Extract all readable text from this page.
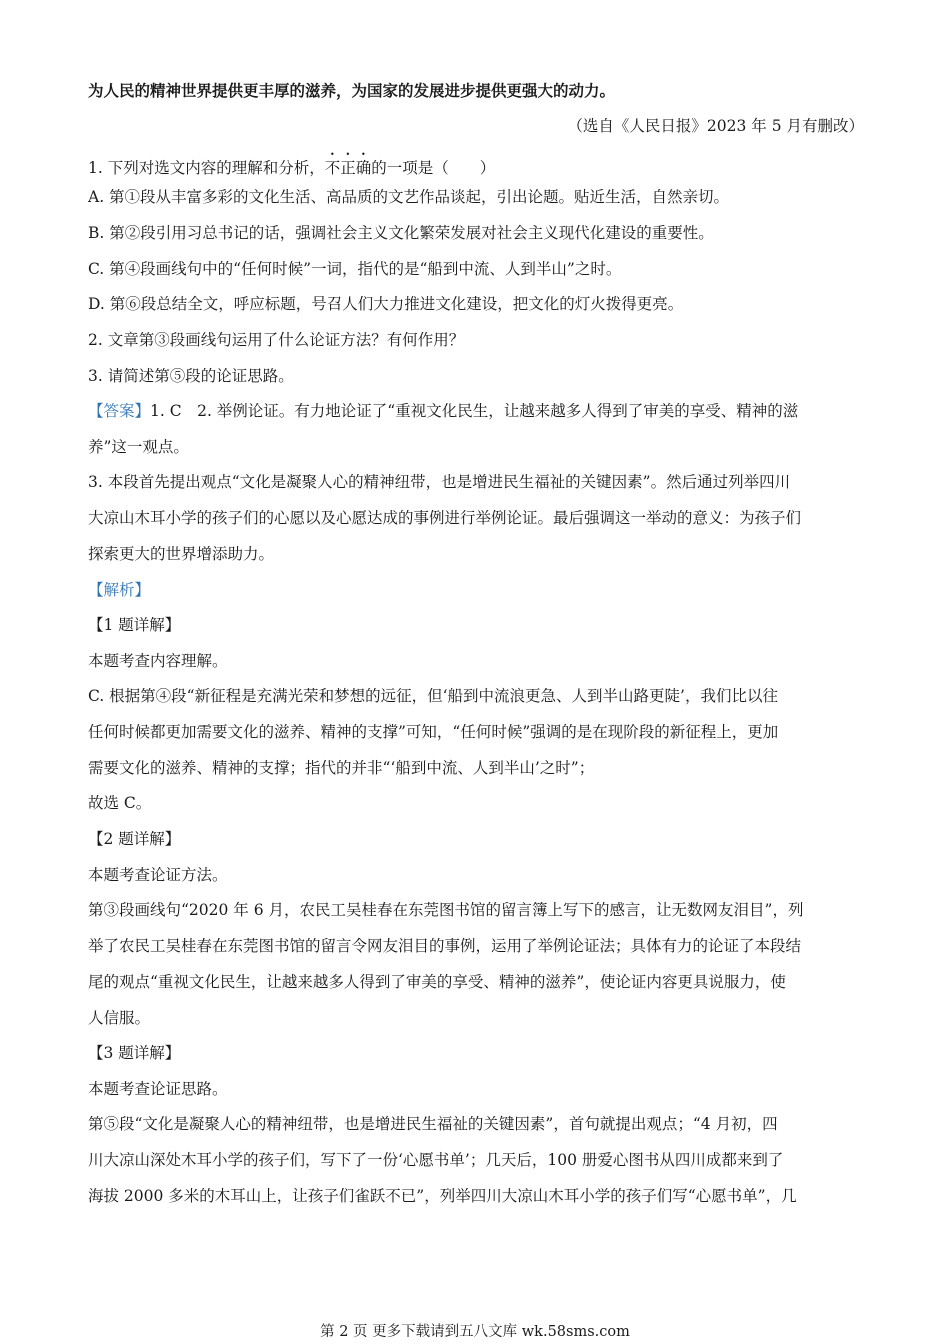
为人民的精神世界提供更丰厚的滋养，为国家的发展进步提供更强大的动力。
（选自《人民日报》2023 年 5 月有删改）
1. 下列对选文内容的理解和分析，不正确的一项是（　　）
A. 第①段从丰富多彩的文化生活、高品质的文艺作品谈起，引出论题。贴近生活，自然亲切。
B. 第②段引用习总书记的话，强调社会主义文化繁荣发展对社会主义现代化建设的重要性。
C. 第④段画线句中的“任何时候”一词，指代的是“船到中流、人到半山”之时。
D. 第⑥段总结全文，呼应标题，号召人们大力推进文化建设，把文化的灯火拨得更亮。
2. 文章第③段画线句运用了什么论证方法？有何作用？
3. 请简述第⑤段的论证思路。
【答案】1. C　2. 举例论证。有力地论证了“重视文化民生，让越来越多人得到了审美的享受、精神的滋
养”这一观点。
3. 本段首先提出观点“文化是凝聚人心的精神纽带，也是增进民生福祉的关键因素”。然后通过列举四川
大凉山木耳小学的孩子们的心愿以及心愿达成的事例进行举例论证。最后强调这一举动的意义：为孩子们
探索更大的世界增添助力。
【解析】
【1 题详解】
本题考查内容理解。
C. 根据第④段“新征程是充满光荣和梦想的远征，但‘船到中流浪更急、人到半山路更陡’，我们比以往
任何时候都更加需要文化的滋养、精神的支撑”可知，“任何时候”强调的是在现阶段的新征程上，更加
需要文化的滋养、精神的支撑；指代的并非“‘船到中流、人到半山’之时”；
故选 C。
【2 题详解】
本题考查论证方法。
第③段画线句“2020 年 6 月，农民工吴桂春在东莞图书馆的留言簿上写下的感言，让无数网友泪目”，列
举了农民工吴桂春在东莞图书馆的留言令网友泪目的事例，运用了举例论证法；具体有力的论证了本段结
尾的观点“重视文化民生，让越来越多人得到了审美的享受、精神的滋养”，使论证内容更具说服力，使
人信服。
【3 题详解】
本题考查论证思路。
第⑤段“文化是凝聚人心的精神纽带，也是增进民生福祉的关键因素”，首句就提出观点；“4 月初，四
川大凉山深处木耳小学的孩子们，写下了一份‘心愿书单’；几天后，100 册爱心图书从四川成都来到了
海拔 2000 多米的木耳山上，让孩子们雀跃不已”，列举四川大凉山木耳小学的孩子们写“心愿书单”，几
第 2 页 更多下载请到五八文库 wk.58sms.com
